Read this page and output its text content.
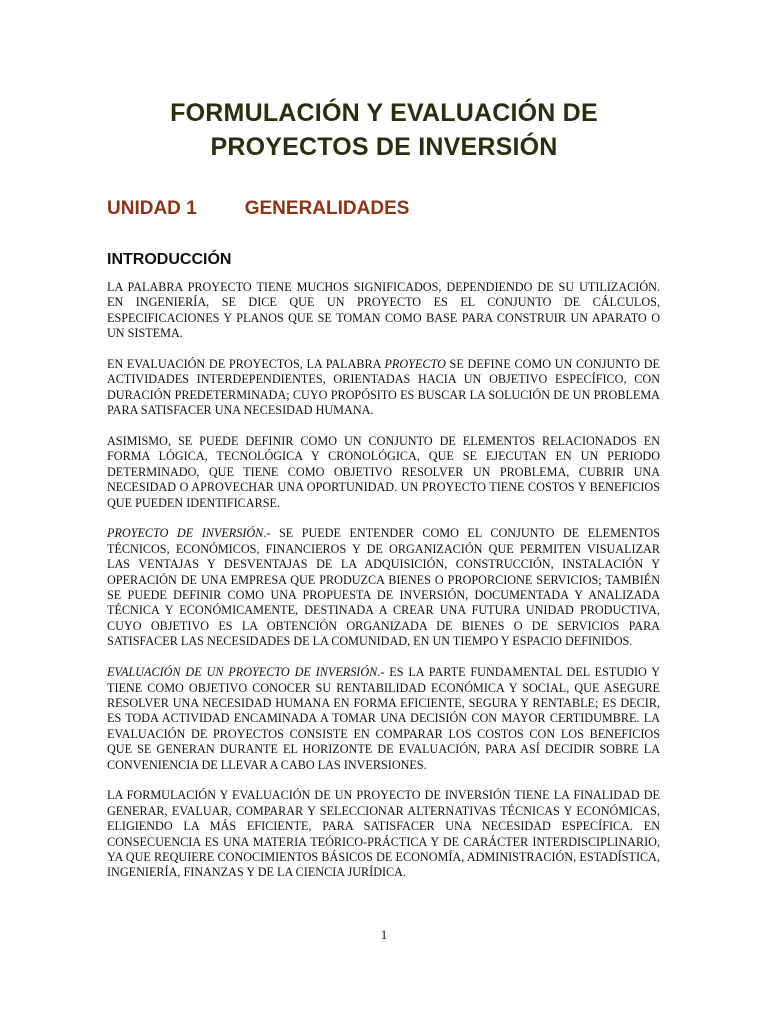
FORMULACIÓN Y EVALUACIÓN DE
PROYECTOS DE INVERSIÓN
UNIDAD 1	GENERALIDADES
INTRODUCCIÓN

LA PALABRA PROYECTO TIENE MUCHOS SIGNIFICADOS, DEPENDIENDO DE SU UTILIZACIÓN. EN INGENIERÍA, SE DICE QUE UN PROYECTO ES EL CONJUNTO DE CÁLCULOS, ESPECIFICACIONES Y PLANOS QUE SE TOMAN COMO BASE PARA CONSTRUIR UN APARATO O UN SISTEMA.

EN EVALUACIÓN DE PROYECTOS, LA PALABRA PROYECTO SE DEFINE COMO UN CONJUNTO DE ACTIVIDADES INTERDEPENDIENTES, ORIENTADAS HACIA UN OBJETIVO ESPECÍFICO, CON DURACIÓN PREDETERMINADA; CUYO PROPÓSITO ES BUSCAR LA SOLUCIÓN DE UN PROBLEMA PARA SATISFACER UNA NECESIDAD HUMANA.

ASIMISMO, SE PUEDE DEFINIR COMO UN CONJUNTO DE ELEMENTOS RELACIONADOS EN FORMA LÓGICA, TECNOLÓGICA Y CRONOLÓGICA, QUE SE EJECUTAN EN UN PERIODO DETERMINADO, QUE TIENE COMO OBJETIVO RESOLVER UN PROBLEMA, CUBRIR UNA NECESIDAD O APROVECHAR UNA OPORTUNIDAD. UN PROYECTO TIENE COSTOS Y BENEFICIOS QUE PUEDEN IDENTIFICARSE.

PROYECTO DE INVERSIÓN.- SE PUEDE ENTENDER COMO EL CONJUNTO DE ELEMENTOS TÉCNICOS, ECONÓMICOS, FINANCIEROS Y DE ORGANIZACIÓN QUE PERMITEN VISUALIZAR LAS VENTAJAS Y DESVENTAJAS DE LA ADQUISICIÓN, CONSTRUCCIÓN, INSTALACIÓN Y OPERACIÓN DE UNA EMPRESA QUE PRODUZCA BIENES O PROPORCIONE SERVICIOS; TAMBIÉN SE PUEDE DEFINIR COMO UNA PROPUESTA DE INVERSIÓN, DOCUMENTADA Y ANALIZADA TÉCNICA Y ECONÓMICAMENTE, DESTINADA A CREAR UNA FUTURA UNIDAD PRODUCTIVA, CUYO OBJETIVO ES LA OBTENCIÓN ORGANIZADA DE BIENES O DE SERVICIOS PARA SATISFACER LAS NECESIDADES DE LA COMUNIDAD, EN UN TIEMPO Y ESPACIO DEFINIDOS.

EVALUACIÓN DE UN PROYECTO DE INVERSIÓN.- ES LA PARTE FUNDAMENTAL DEL ESTUDIO Y TIENE COMO OBJETIVO CONOCER SU RENTABILIDAD ECONÓMICA Y SOCIAL, QUE ASEGURE RESOLVER UNA NECESIDAD HUMANA EN FORMA EFICIENTE, SEGURA Y RENTABLE; ES DECIR, ES TODA ACTIVIDAD ENCAMINADA A TOMAR UNA DECISIÓN CON MAYOR CERTIDUMBRE. LA EVALUACIÓN DE PROYECTOS CONSISTE EN COMPARAR LOS COSTOS CON LOS BENEFICIOS QUE SE GENERAN DURANTE EL HORIZONTE DE EVALUACIÓN, PARA ASÍ DECIDIR SOBRE LA CONVENIENCIA DE LLEVAR A CABO LAS INVERSIONES.

LA FORMULACIÓN Y EVALUACIÓN DE UN PROYECTO DE INVERSIÓN TIENE LA FINALIDAD DE GENERAR, EVALUAR, COMPARAR Y SELECCIONAR ALTERNATIVAS TÉCNICAS Y ECONÓMICAS, ELIGIENDO LA MÁS EFICIENTE, PARA SATISFACER UNA NECESIDAD ESPECÍFICA. EN CONSECUENCIA ES UNA MATERIA TEÓRICO-PRÁCTICA Y DE CARÁCTER INTERDISCIPLINARIO, YA QUE REQUIERE CONOCIMIENTOS BÁSICOS DE ECONOMÍA, ADMINISTRACIÓN, ESTADÍSTICA, INGENIERÍA, FINANZAS Y DE LA CIENCIA JURÍDICA.

1
